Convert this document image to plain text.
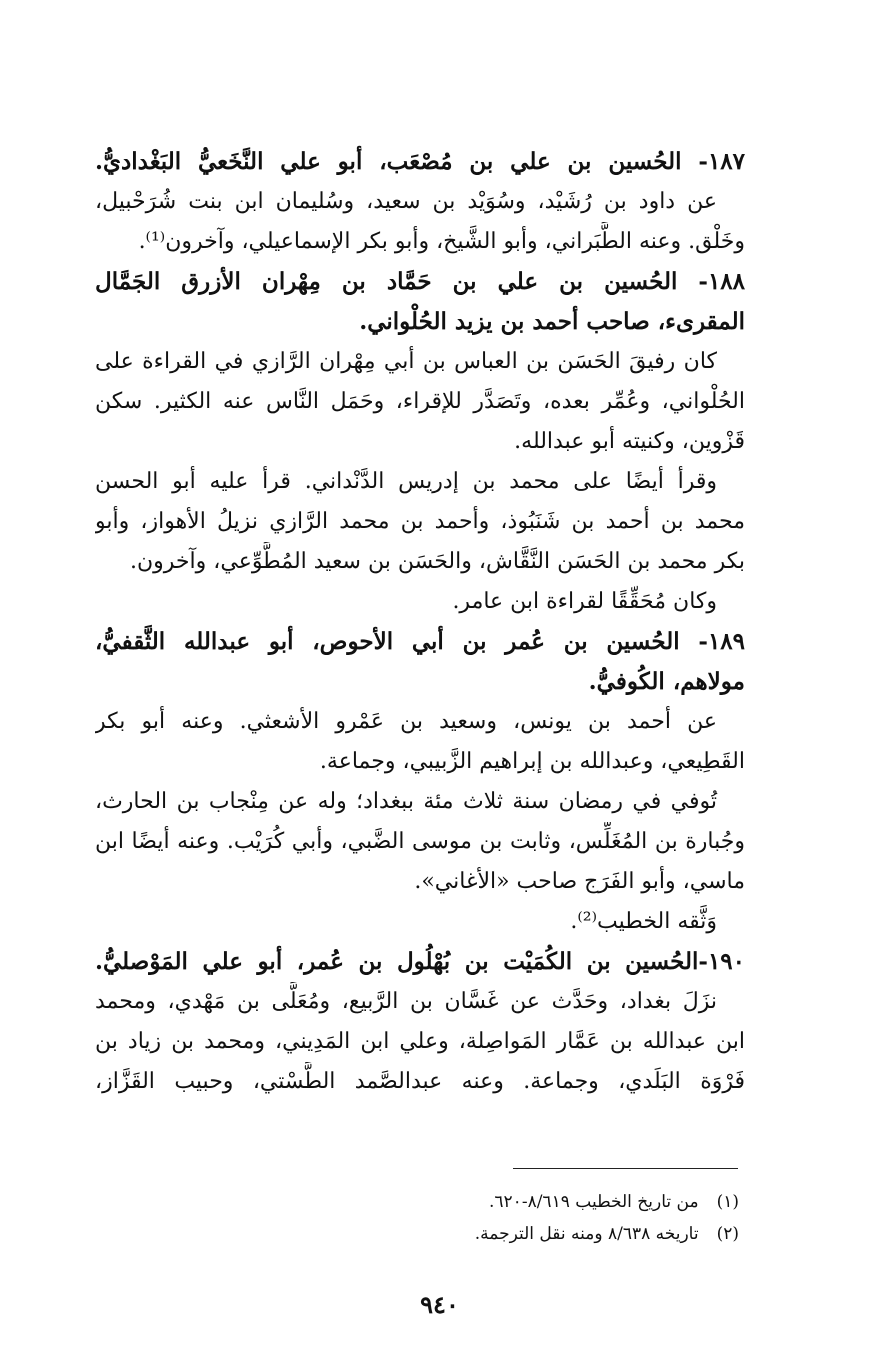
١٨٧- الحُسين بن علي بن مُصْعَب، أبو علي النَّخَعيُّ البَغْداديُّ.
عن داود بن رُشَيْد، وسُوَيْد بن سعيد، وسُليمان ابن بنت شُرَحْبيل،
وخَلْق. وعنه الطَّبَراني، وأبو الشَّيخ، وأبو بكر الإسماعيلي، وآخرون⁽¹⁾.
١٨٨- الحُسين بن علي بن حَمَّاد بن مِهْران الأزرق الجَمَّال
المقرىء، صاحب أحمد بن يزيد الحُلْواني.
كان رفيقَ الحَسَن بن العباس بن أبي مِهْران الرَّازي في القراءة على
الحُلْواني، وعُمِّر بعده، وتَصَدَّر للإقراء، وحَمَل النَّاس عنه الكثير. سكن
قَزْوين، وكنيته أبو عبدالله.
وقرأ أيضًا على محمد بن إدريس الدَّنْداني. قرأ عليه أبو الحسن
محمد بن أحمد بن شَنَبُوذ، وأحمد بن محمد الرَّازي نزيلُ الأهواز، وأبو
بكر محمد بن الحَسَن النَّقَّاش، والحَسَن بن سعيد المُطَّوِّعي، وآخرون.
وكان مُحَقِّقًا لقراءة ابن عامر.
١٨٩- الحُسين بن عُمر بن أبي الأحوص، أبو عبدالله الثَّقفيُّ،
مولاهم، الكُوفيُّ.
عن أحمد بن يونس، وسعيد بن عَمْرو الأشعثي. وعنه أبو بكر
القَطِيعي، وعبدالله بن إبراهيم الزَّبيبي، وجماعة.
تُوفي في رمضان سنة ثلاث مئة ببغداد؛ وله عن مِنْجاب بن الحارث،
وجُبارة بن المُغَلِّس، وثابت بن موسى الضَّبي، وأبي كُرَيْب. وعنه أيضًا ابن
ماسي، وأبو الفَرَج صاحب «الأغاني».
وَثَّقه الخطيب⁽²⁾.
١٩٠-الحُسين بن الكُمَيْت بن بُهْلُول بن عُمر، أبو علي المَوْصليُّ.
نزَلَ بغداد، وحَدَّث عن غَسَّان بن الرَّبيع، ومُعَلَّى بن مَهْدي، ومحمد
ابن عبدالله بن عَمَّار المَواصِلة، وعلي ابن المَدِيني، ومحمد بن زياد بن
فَرْوَة البَلَدي، وجماعة. وعنه عبدالصَّمد الطَّسْتي، وحبيب القَزَّاز،
(١)من تاريخ الخطيب ٨/٦١٩-٦٢٠.
(٢)تاريخه ٨/٦٣٨ ومنه نقل الترجمة.
٩٤٠
